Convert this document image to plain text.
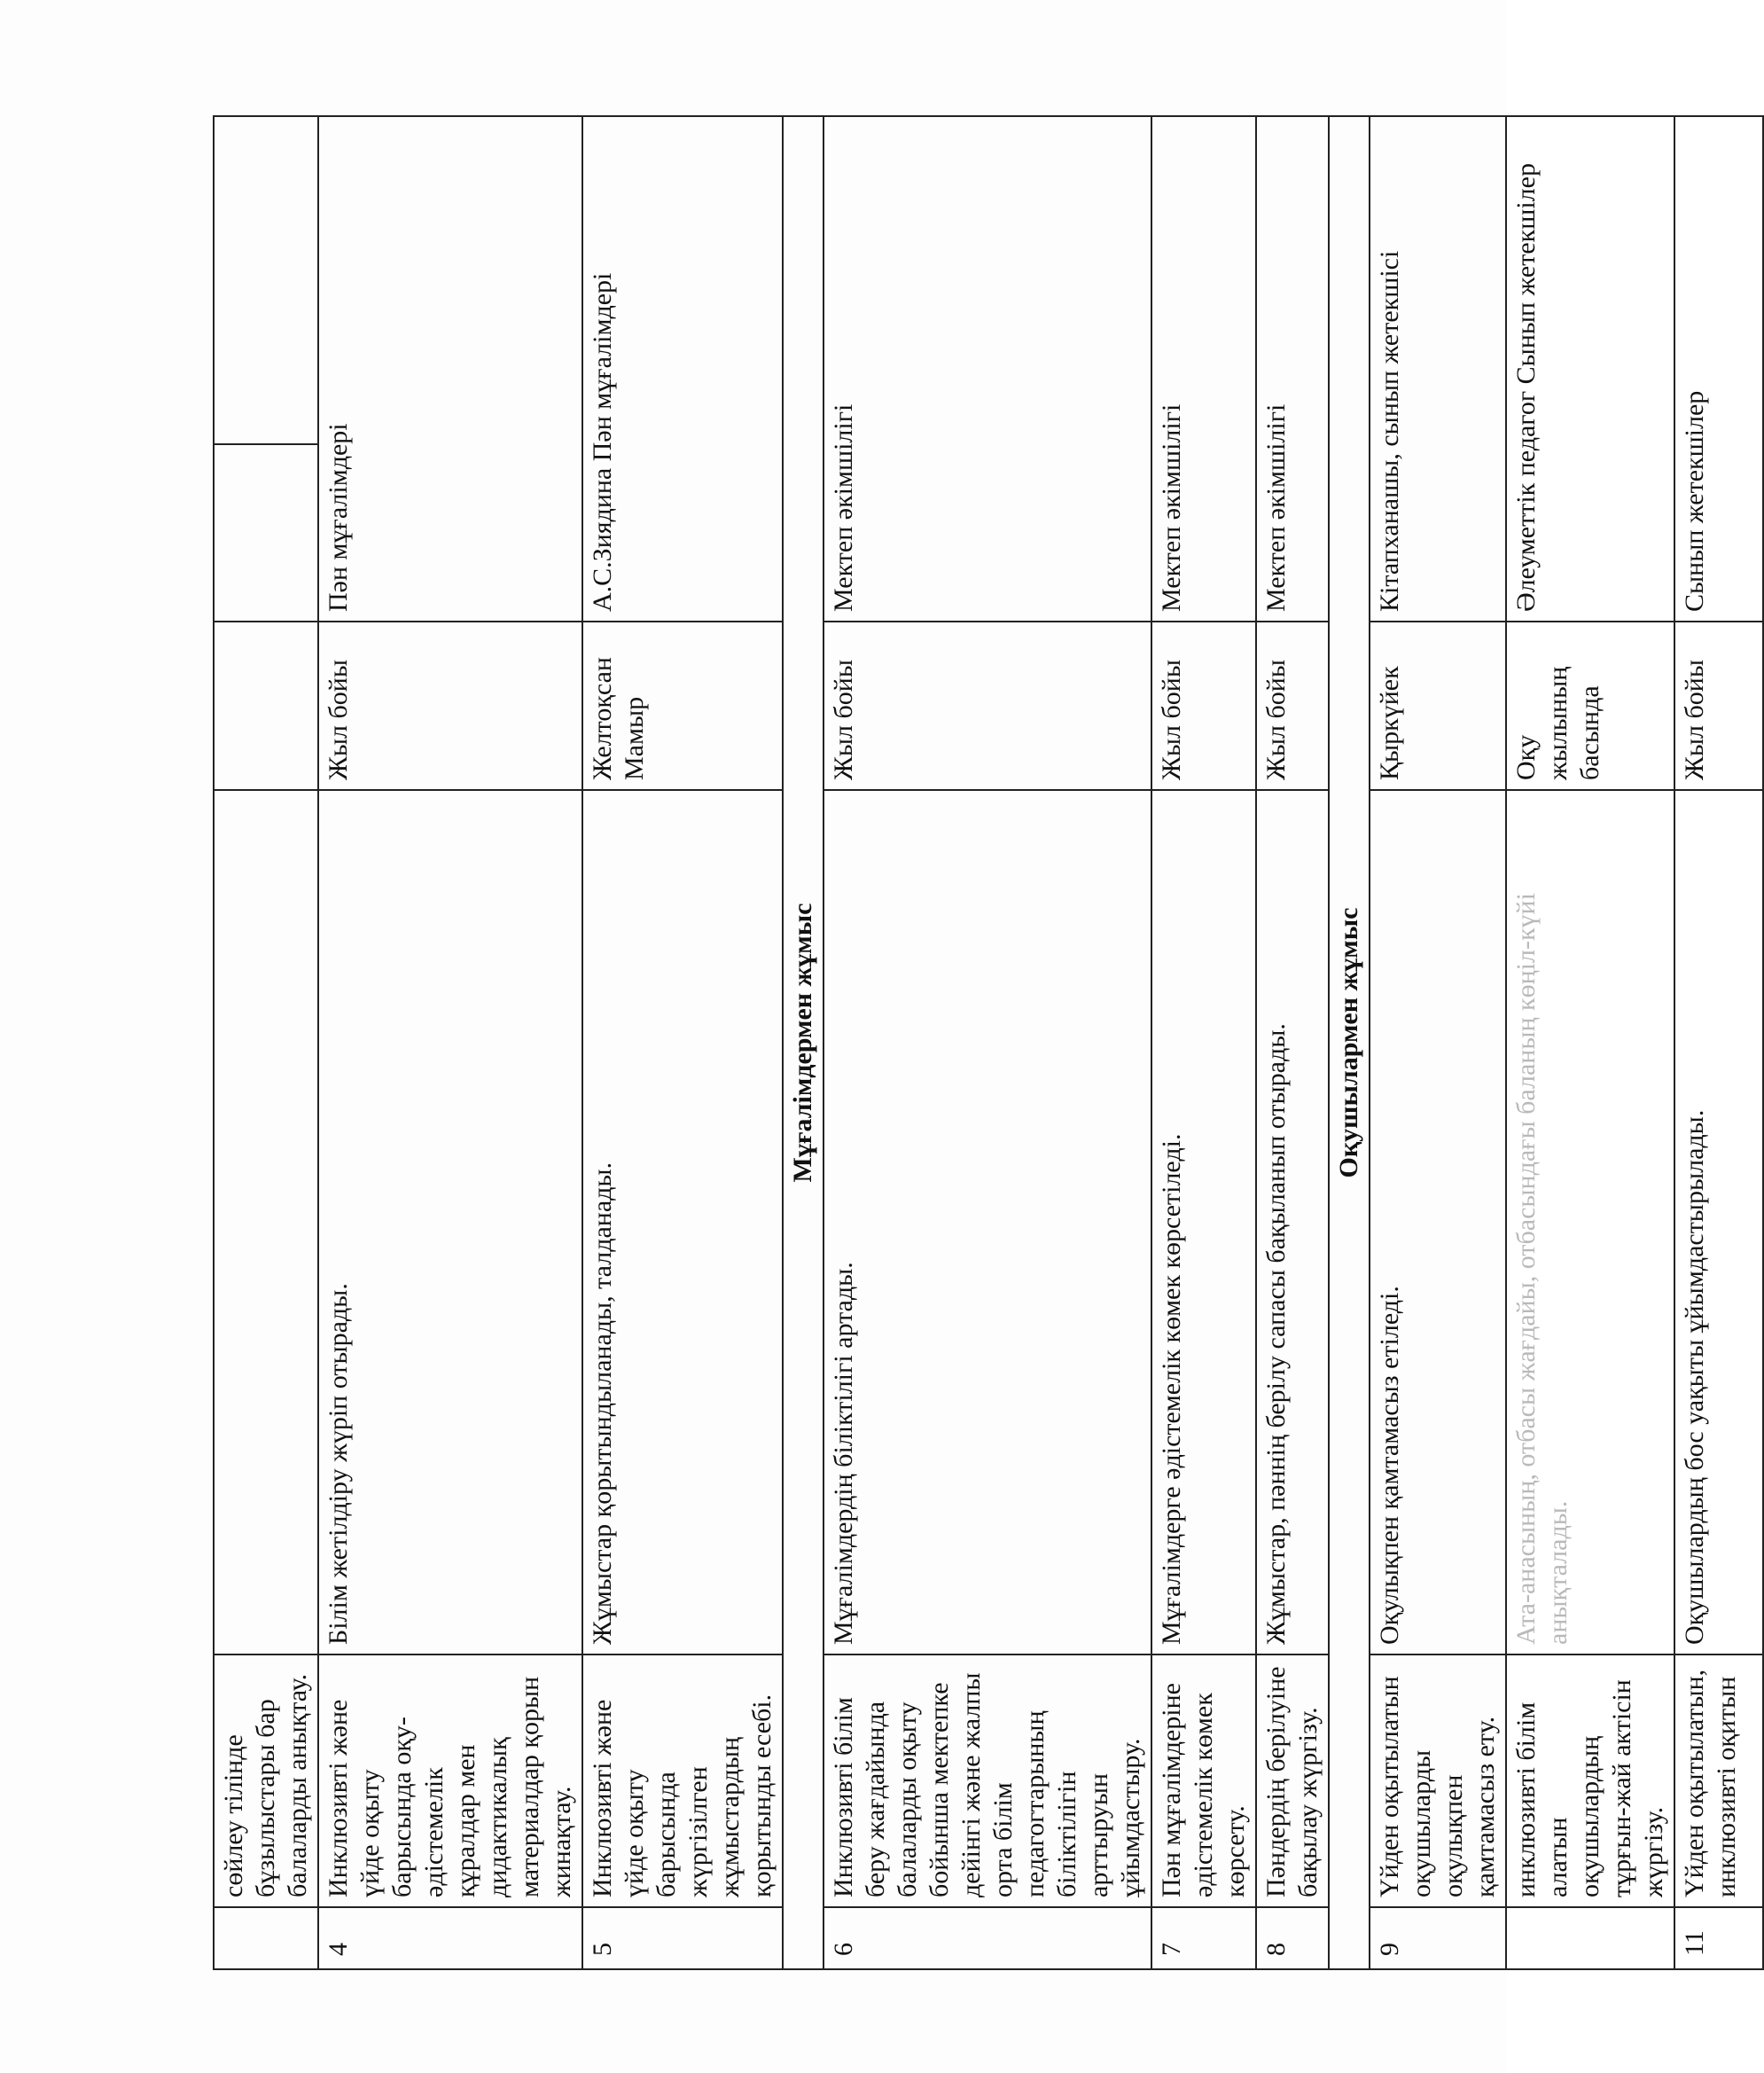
	сөйлеу тілінде бұзылыстары бар балаларды анықтау.				
4	Инклюзивті және үйде оқыту барысында оқу-әдістемелік құралдар мен дидактикалық материалдар қорын жинақтау.	Білім жетілдіру жүріп отырады.	Жыл бойы	Пән мұғалімдері	
5	Инклюзивті және үйде оқыту барысында жүргізілген жұмыстардың қорытынды есебі.	Жұмыстар қорытындыланады, талданады.	Желтоқсан Мамыр	А.С.Зиядина Пән мұғалімдері	
Мұғалімдермен жұмыс					
6	Инклюзивті білім беру жағдайында балаларды оқыту бойынша мектепке дейінгі және жалпы орта білім педагогтарының біліктілігін арттыруын ұйымдастыру.	Мұғалімдердің біліктілігі артады.	Жыл бойы	Мектеп әкімшілігі	
7	Пән мұғалімдеріне әдістемелік көмек көрсету.	Мұғалімдерге әдістемелік көмек көрсетіледі.	Жыл бойы	Мектеп әкімшілігі	
8	Пәндердің берілуіне бақылау жүргізу.	Жұмыстар, пәннің берілу сапасы бақыланып отырады.	Жыл бойы	Мектеп әкімшілігі	
Оқушылармен жұмыс					
9	Үйден оқытылатын оқушыларды оқулықпен қамтамасыз ету.	Оқулықпен қамтамасыз етіледі.	Қыркүйек	Кітапханашы, сынып жетекшісі	
	инклюзивті білім алатын оқушылардың тұрғын-жай актісін жүргізу.	Ата-анасының, отбасы жағдайы, отбасындағы баланың көңіл-күйі анықталады.	Оқу жылының басында	Әлеуметтік педагог Сынып жетекшілер	
11	Үйден оқытылатын, инклюзивті оқитын	Оқушылардың бос уақыты ұйымдастырылады.	Жыл бойы	Сынып жетекшілер	
